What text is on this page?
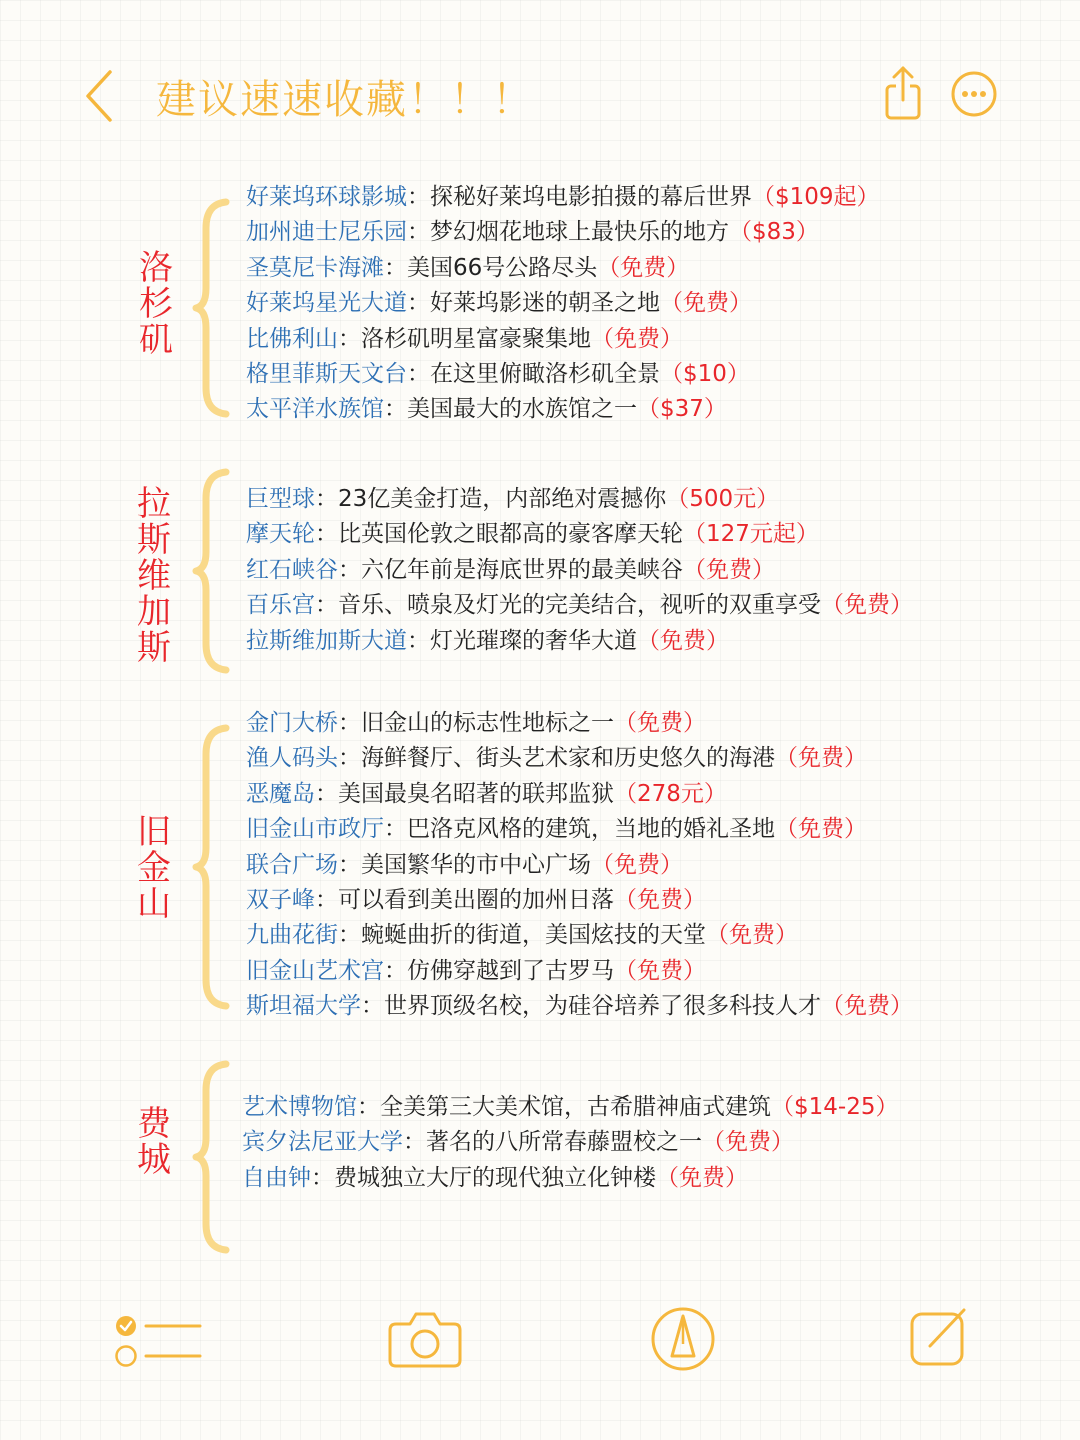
建议速速收藏！！！
洛杉矶
好莱坞环球影城：探秘好莱坞电影拍摄的幕后世界（$109起）
加州迪士尼乐园：梦幻烟花地球上最快乐的地方（$83）
圣莫尼卡海滩：美国66号公路尽头（免费）
好莱坞星光大道：好莱坞影迷的朝圣之地（免费）
比佛利山：洛杉矶明星富豪聚集地（免费）
格里菲斯天文台：在这里俯瞰洛杉矶全景（$10）
太平洋水族馆：美国最大的水族馆之一（$37）
拉斯维加斯
巨型球：23亿美金打造，内部绝对震撼你（500元）
摩天轮：比英国伦敦之眼都高的豪客摩天轮（127元起）
红石峡谷：六亿年前是海底世界的最美峡谷（免费）
百乐宫：音乐、喷泉及灯光的完美结合，视听的双重享受（免费）
拉斯维加斯大道：灯光璀璨的奢华大道（免费）
旧金山
金门大桥：旧金山的标志性地标之一（免费）
渔人码头：海鲜餐厅、街头艺术家和历史悠久的海港（免费）
恶魔岛：美国最臭名昭著的联邦监狱（278元）
旧金山市政厅：巴洛克风格的建筑，当地的婚礼圣地（免费）
联合广场：美国繁华的市中心广场（免费）
双子峰：可以看到美出圈的加州日落（免费）
九曲花街：蜿蜒曲折的街道，美国炫技的天堂（免费）
旧金山艺术宫：仿佛穿越到了古罗马（免费）
斯坦福大学：世界顶级名校，为硅谷培养了很多科技人才（免费）
费城
艺术博物馆：全美第三大美术馆，古希腊神庙式建筑（$14-25）
宾夕法尼亚大学：著名的八所常春藤盟校之一（免费）
自由钟：费城独立大厅的现代独立化钟楼（免费）
